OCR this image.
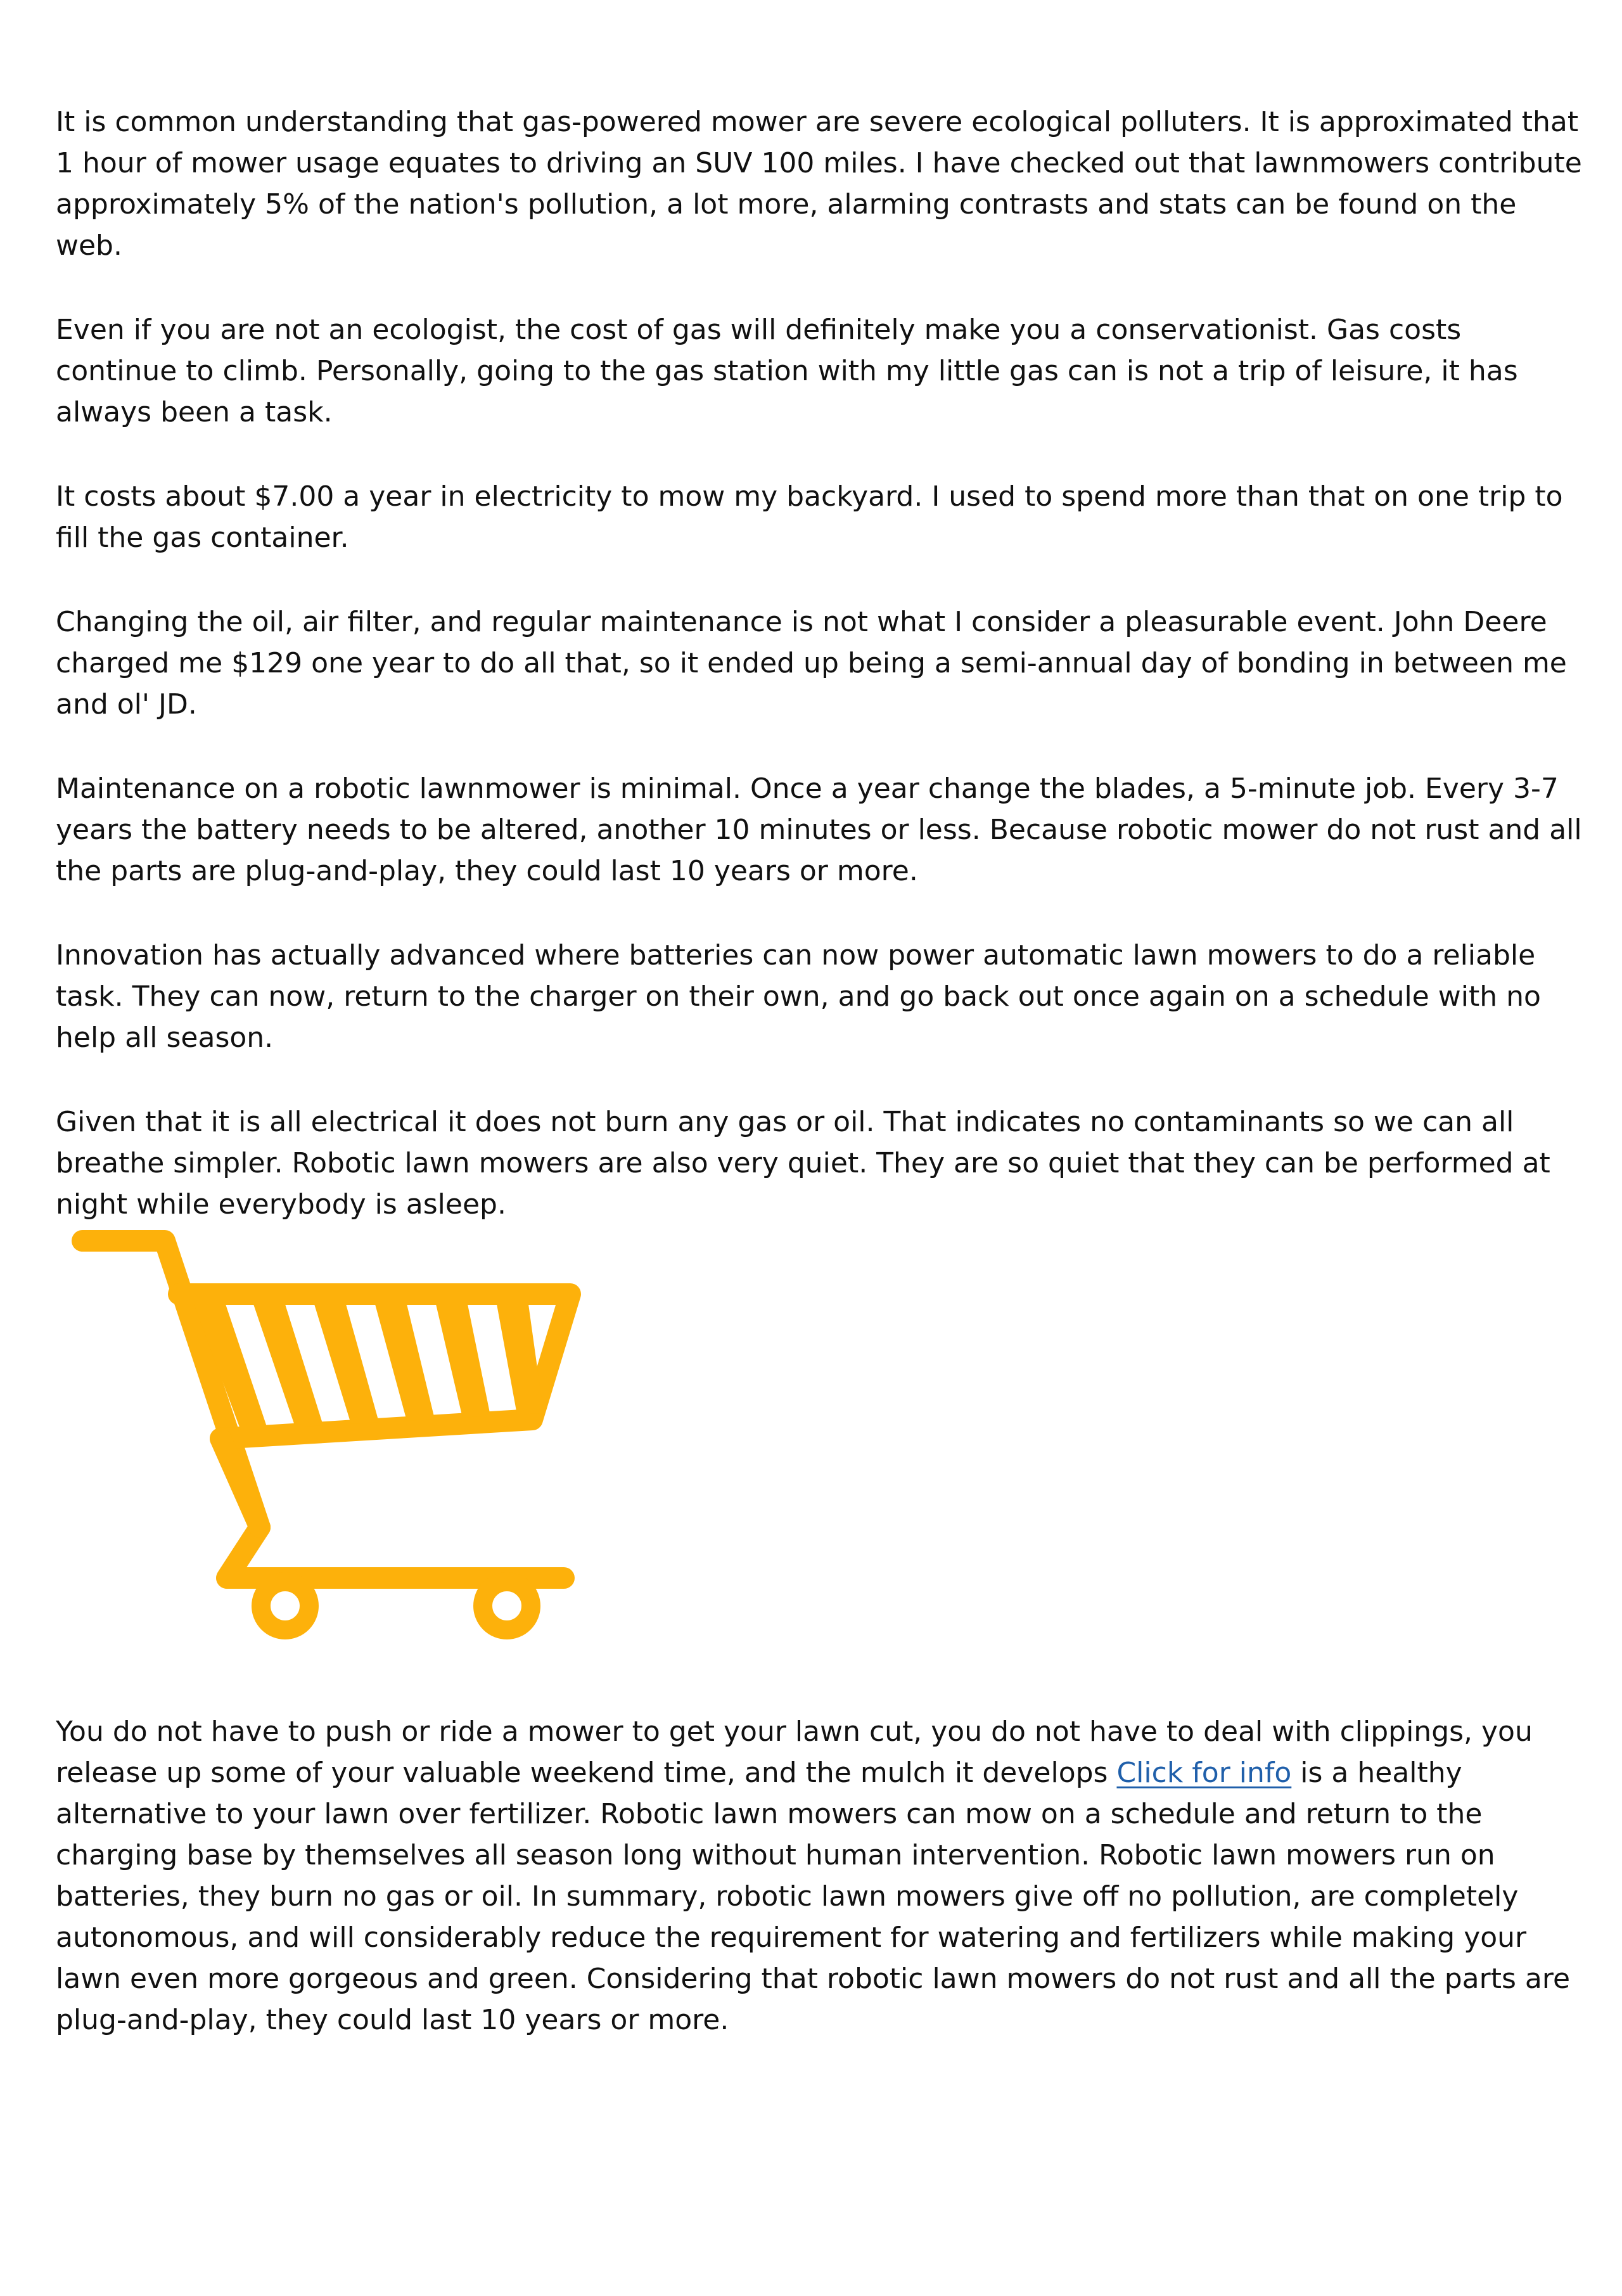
It is common understanding that gas-powered mower are severe ecological polluters. It is approximated that 1 hour of mower usage equates to driving an SUV 100 miles. I have checked out that lawnmowers contribute approximately 5% of the nation's pollution, a lot more, alarming contrasts and stats can be found on the web.

Even if you are not an ecologist, the cost of gas will definitely make you a conservationist. Gas costs continue to climb. Personally, going to the gas station with my little gas can is not a trip of leisure, it has always been a task.

It costs about $7.00 a year in electricity to mow my backyard. I used to spend more than that on one trip to fill the gas container.

Changing the oil, air filter, and regular maintenance is not what I consider a pleasurable event. John Deere charged me $129 one year to do all that, so it ended up being a semi-annual day of bonding in between me and ol' JD.

Maintenance on a robotic lawnmower is minimal. Once a year change the blades, a 5-minute job. Every 3-7 years the battery needs to be altered, another 10 minutes or less. Because robotic mower do not rust and all the parts are plug-and-play, they could last 10 years or more.

Innovation has actually advanced where batteries can now power automatic lawn mowers to do a reliable task. They can now, return to the charger on their own, and go back out once again on a schedule with no help all season.

Given that it is all electrical it does not burn any gas or oil. That indicates no contaminants so we can all breathe simpler. Robotic lawn mowers are also very quiet. They are so quiet that they can be performed at night while everybody is asleep.

You do not have to push or ride a mower to get your lawn cut, you do not have to deal with clippings, you release up some of your valuable weekend time, and the mulch it develops Click for info is a healthy alternative to your lawn over fertilizer. Robotic lawn mowers can mow on a schedule and return to the charging base by themselves all season long without human intervention. Robotic lawn mowers run on batteries, they burn no gas or oil. In summary, robotic lawn mowers give off no pollution, are completely autonomous, and will considerably reduce the requirement for watering and fertilizers while making your lawn even more gorgeous and green. Considering that robotic lawn mowers do not rust and all the parts are plug-and-play, they could last 10 years or more.
